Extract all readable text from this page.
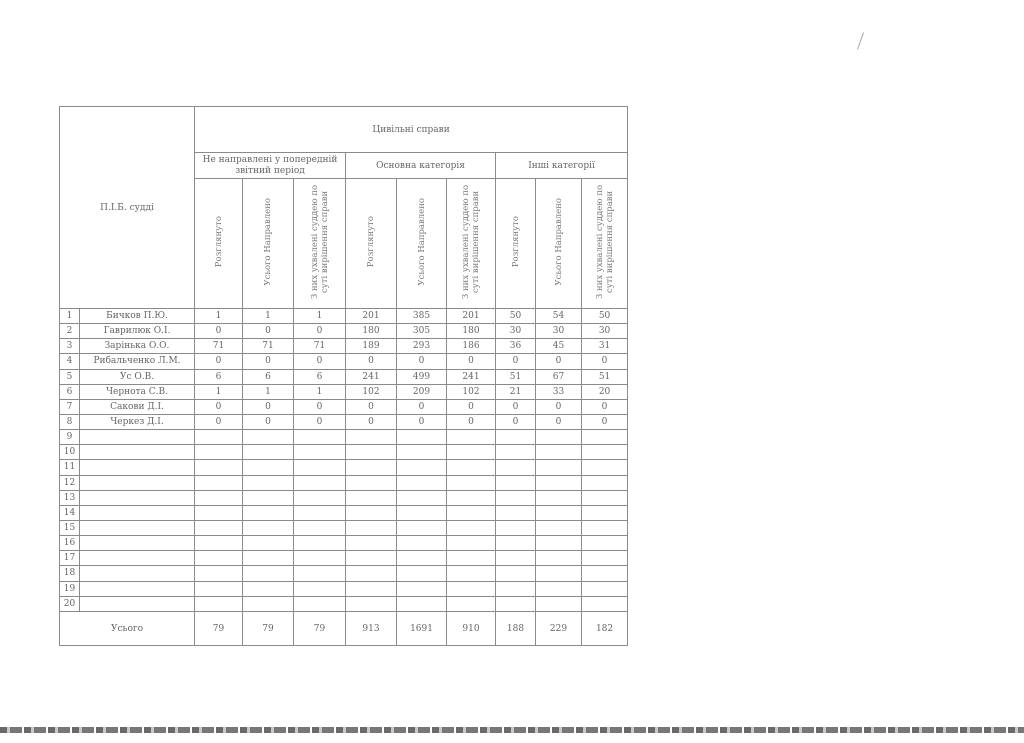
П.І.Б. судді		Цивільні справи								
		Не направлені у попередній звітний період			Основна категорія			Інші категорії		
		Розглянуто	Усього Направлено	З них ухвалені суддею по суті вирішення справи	Розглянуто	Усього Направлено	З них ухвалені суддею по суті вирішення справи	Розглянуто	Усього Направлено	З них ухвалені суддею по суті вирішення справи
1	Бичков П.Ю.	1	1	1	201	385	201	50	54	50
2	Гаврилюк О.І.	0	0	0	180	305	180	30	30	30
3	Зарінька О.О.	71	71	71	189	293	186	36	45	31
4	Рибальченко Л.М.	0	0	0	0	0	0	0	0	0
5	Ус О.В.	6	6	6	241	499	241	51	67	51
6	Чернота С.В.	1	1	1	102	209	102	21	33	20
7	Сакови Д.І.	0	0	0	0	0	0	0	0	0
8	Черкез Д.І.	0	0	0	0	0	0	0	0	0
9										
10										
11										
12										
13										
14										
15										
16										
17										
18										
19										
20										
Усього		79	79	79	913	1691	910	188	229	182
